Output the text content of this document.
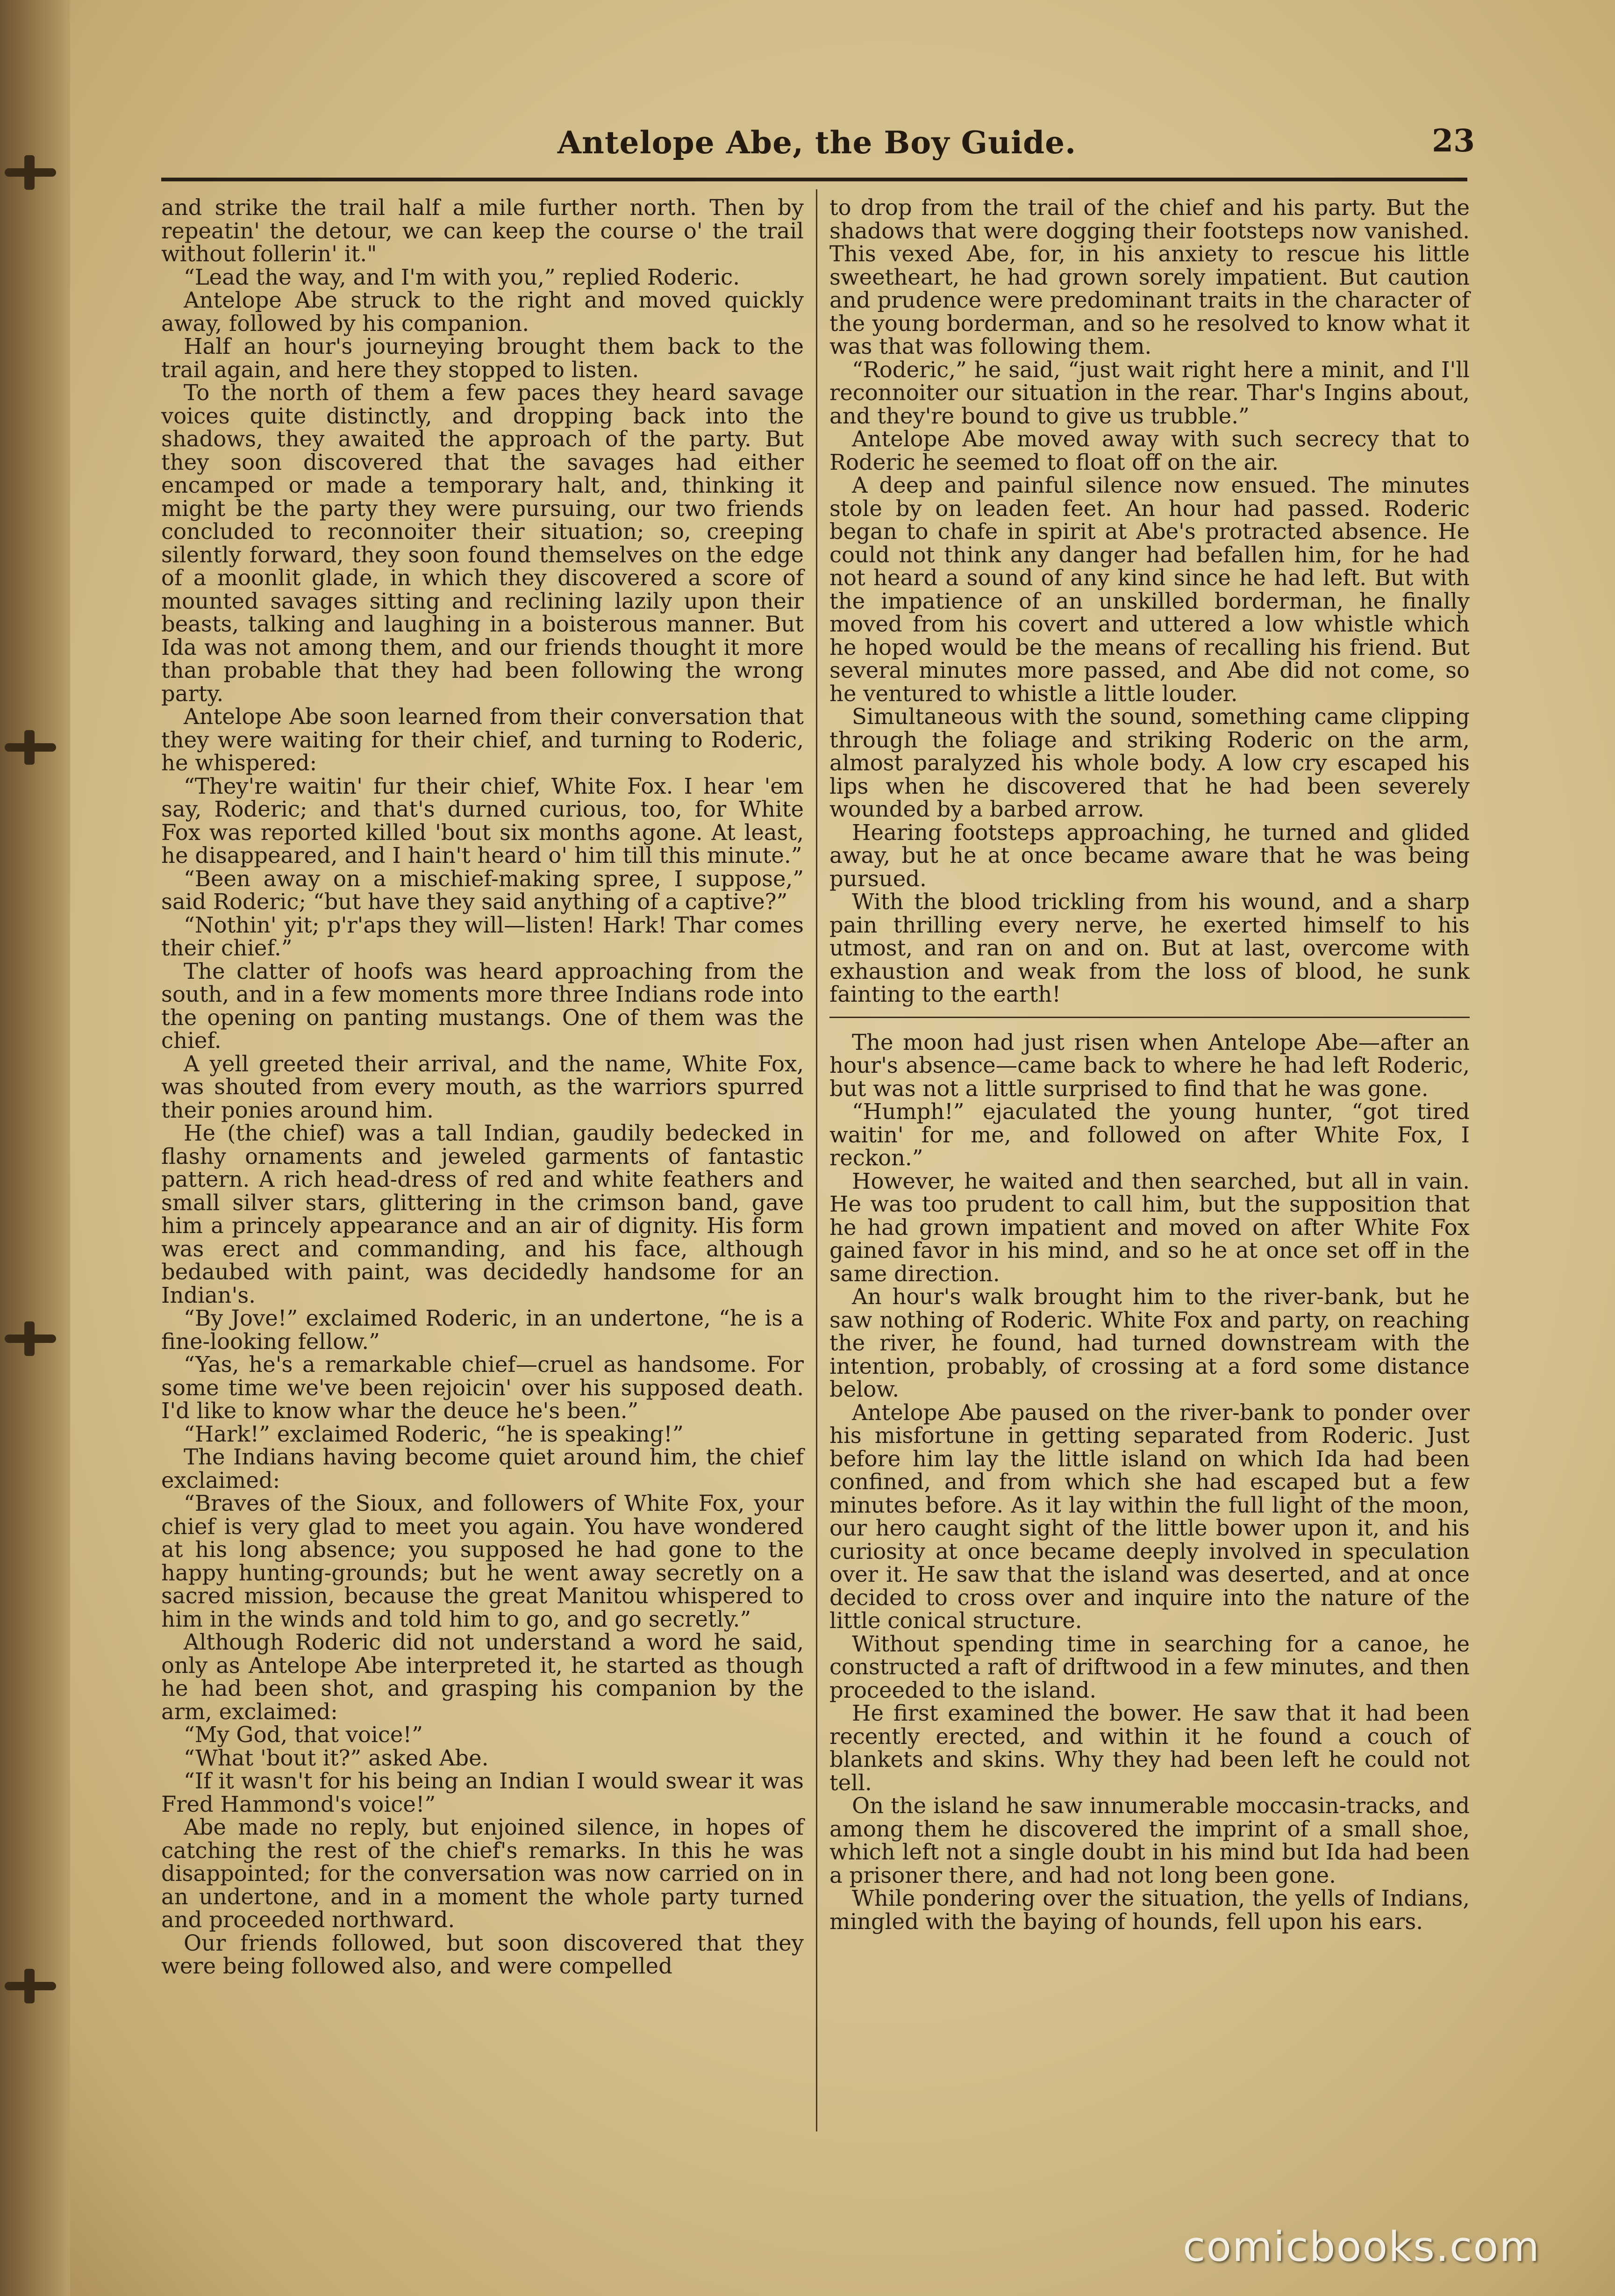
Antelope Abe, the Boy Guide.	23

and strike the trail half a mile further north. Then by repeatin' the detour, we can keep the course o' the trail without follerin' it."

“Lead the way, and I'm with you,” replied Roderic.

Antelope Abe struck to the right and moved quickly away, followed by his companion.

Half an hour's journeying brought them back to the trail again, and here they stopped to listen.

To the north of them a few paces they heard savage voices quite distinctly, and dropping back into the shadows, they awaited the approach of the party. But they soon discovered that the savages had either encamped or made a temporary halt, and, thinking it might be the party they were pursuing, our two friends concluded to reconnoiter their situation; so, creeping silently forward, they soon found themselves on the edge of a moonlit glade, in which they discovered a score of mounted savages sitting and reclining lazily upon their beasts, talking and laughing in a boisterous manner. But Ida was not among them, and our friends thought it more than probable that they had been following the wrong party.

Antelope Abe soon learned from their conversation that they were waiting for their chief, and turning to Roderic, he whispered:

“They're waitin' fur their chief, White Fox. I hear 'em say, Roderic; and that's durned curious, too, for White Fox was reported killed 'bout six months agone. At least, he disappeared, and I hain't heard o' him till this minute.”

“Been away on a mischief-making spree, I suppose,” said Roderic; “but have they said anything of a captive?”

“Nothin' yit; p'r'aps they will—listen! Hark! Thar comes their chief.”

The clatter of hoofs was heard approaching from the south, and in a few moments more three Indians rode into the opening on panting mustangs. One of them was the chief.

A yell greeted their arrival, and the name, White Fox, was shouted from every mouth, as the warriors spurred their ponies around him.

He (the chief) was a tall Indian, gaudily bedecked in flashy ornaments and jeweled garments of fantastic pattern. A rich head-dress of red and white feathers and small silver stars, glittering in the crimson band, gave him a princely appearance and an air of dignity. His form was erect and commanding, and his face, although bedaubed with paint, was decidedly handsome for an Indian's.

“By Jove!” exclaimed Roderic, in an undertone, “he is a fine-looking fellow.”

“Yas, he's a remarkable chief—cruel as handsome. For some time we've been rejoicin' over his supposed death. I'd like to know whar the deuce he's been.”

“Hark!” exclaimed Roderic, “he is speaking!”

The Indians having become quiet around him, the chief exclaimed:

“Braves of the Sioux, and followers of White Fox, your chief is very glad to meet you again. You have wondered at his long absence; you supposed he had gone to the happy hunting-grounds; but he went away secretly on a sacred mission, because the great Manitou whispered to him in the winds and told him to go, and go secretly.”

Although Roderic did not understand a word he said, only as Antelope Abe interpreted it, he started as though he had been shot, and grasping his companion by the arm, exclaimed:

“My God, that voice!”

“What 'bout it?” asked Abe.

“If it wasn't for his being an Indian I would swear it was Fred Hammond's voice!”

Abe made no reply, but enjoined silence, in hopes of catching the rest of the chief's remarks. In this he was disappointed; for the conversation was now carried on in an undertone, and in a moment the whole party turned and proceeded northward.

Our friends followed, but soon discovered that they were being followed also, and were compelled

to drop from the trail of the chief and his party. But the shadows that were dogging their footsteps now vanished. This vexed Abe, for, in his anxiety to rescue his little sweetheart, he had grown sorely impatient. But caution and prudence were predominant traits in the character of the young borderman, and so he resolved to know what it was that was following them.

“Roderic,” he said, “just wait right here a minit, and I'll reconnoiter our situation in the rear. Thar's Ingins about, and they're bound to give us trubble.”

Antelope Abe moved away with such secrecy that to Roderic he seemed to float off on the air.

A deep and painful silence now ensued. The minutes stole by on leaden feet. An hour had passed. Roderic began to chafe in spirit at Abe's protracted absence. He could not think any danger had befallen him, for he had not heard a sound of any kind since he had left. But with the impatience of an unskilled borderman, he finally moved from his covert and uttered a low whistle which he hoped would be the means of recalling his friend. But several minutes more passed, and Abe did not come, so he ventured to whistle a little louder.

Simultaneous with the sound, something came clipping through the foliage and striking Roderic on the arm, almost paralyzed his whole body. A low cry escaped his lips when he discovered that he had been severely wounded by a barbed arrow.

Hearing footsteps approaching, he turned and glided away, but he at once became aware that he was being pursued.

With the blood trickling from his wound, and a sharp pain thrilling every nerve, he exerted himself to his utmost, and ran on and on. But at last, overcome with exhaustion and weak from the loss of blood, he sunk fainting to the earth!

The moon had just risen when Antelope Abe—after an hour's absence—came back to where he had left Roderic, but was not a little surprised to find that he was gone.

“Humph!” ejaculated the young hunter, “got tired waitin' for me, and followed on after White Fox, I reckon.”

However, he waited and then searched, but all in vain. He was too prudent to call him, but the supposition that he had grown impatient and moved on after White Fox gained favor in his mind, and so he at once set off in the same direction.

An hour's walk brought him to the river-bank, but he saw nothing of Roderic. White Fox and party, on reaching the river, he found, had turned downstream with the intention, probably, of crossing at a ford some distance below.

Antelope Abe paused on the river-bank to ponder over his misfortune in getting separated from Roderic. Just before him lay the little island on which Ida had been confined, and from which she had escaped but a few minutes before. As it lay within the full light of the moon, our hero caught sight of the little bower upon it, and his curiosity at once became deeply involved in speculation over it. He saw that the island was deserted, and at once decided to cross over and inquire into the nature of the little conical structure.

Without spending time in searching for a canoe, he constructed a raft of driftwood in a few minutes, and then proceeded to the island.

He first examined the bower. He saw that it had been recently erected, and within it he found a couch of blankets and skins. Why they had been left he could not tell.

On the island he saw innumerable moccasin-tracks, and among them he discovered the imprint of a small shoe, which left not a single doubt in his mind but Ida had been a prisoner there, and had not long been gone.

While pondering over the situation, the yells of Indians, mingled with the baying of hounds, fell upon his ears.

comicbooks.com
